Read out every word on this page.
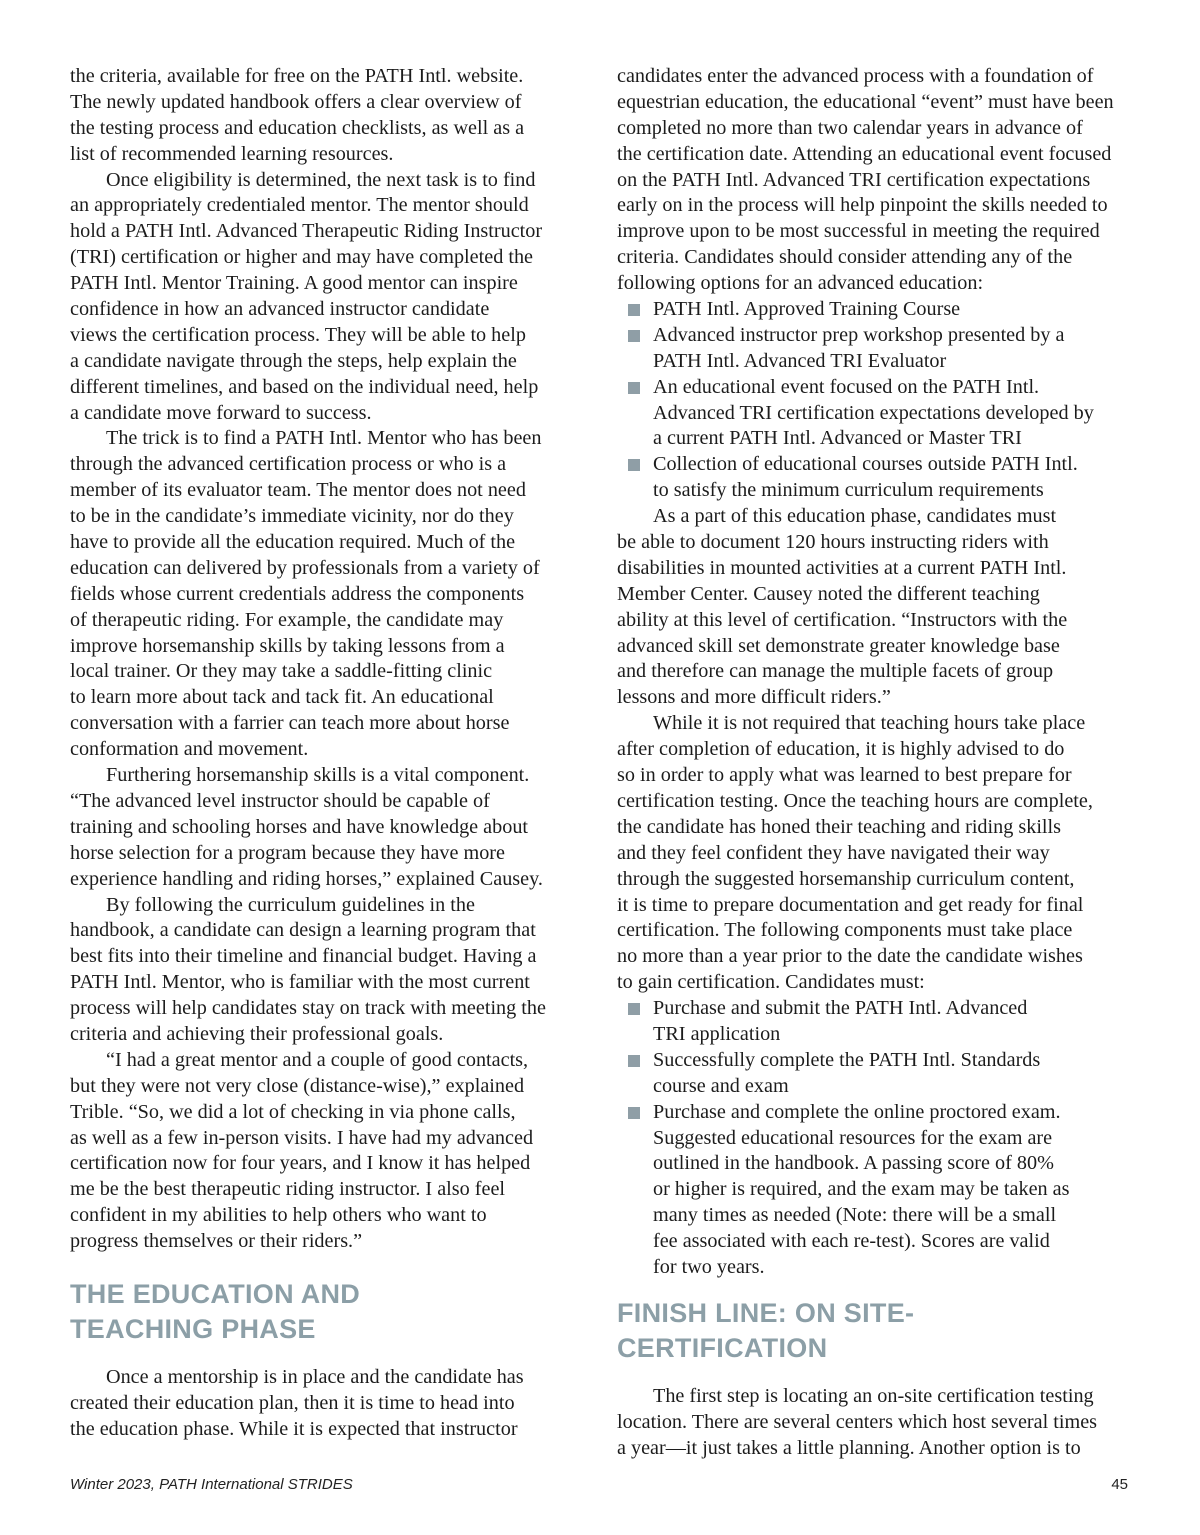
the criteria, available for free on the PATH Intl. website.
The newly updated handbook offers a clear overview of
the testing process and education checklists, as well as a
list of recommended learning resources.
Once eligibility is determined, the next task is to find
an appropriately credentialed mentor. The mentor should
hold a PATH Intl. Advanced Therapeutic Riding Instructor
(TRI) certification or higher and may have completed the
PATH Intl. Mentor Training. A good mentor can inspire
confidence in how an advanced instructor candidate
views the certification process. They will be able to help
a candidate navigate through the steps, help explain the
different timelines, and based on the individual need, help
a candidate move forward to success.
The trick is to find a PATH Intl. Mentor who has been
through the advanced certification process or who is a
member of its evaluator team. The mentor does not need
to be in the candidate’s immediate vicinity, nor do they
have to provide all the education required. Much of the
education can delivered by professionals from a variety of
fields whose current credentials address the components
of therapeutic riding. For example, the candidate may
improve horsemanship skills by taking lessons from a
local trainer. Or they may take a saddle-fitting clinic
to learn more about tack and tack fit. An educational
conversation with a farrier can teach more about horse
conformation and movement.
Furthering horsemanship skills is a vital component.
“The advanced level instructor should be capable of
training and schooling horses and have knowledge about
horse selection for a program because they have more
experience handling and riding horses,” explained Causey.
By following the curriculum guidelines in the
handbook, a candidate can design a learning program that
best fits into their timeline and financial budget. Having a
PATH Intl. Mentor, who is familiar with the most current
process will help candidates stay on track with meeting the
criteria and achieving their professional goals.
“I had a great mentor and a couple of good contacts,
but they were not very close (distance-wise),” explained
Trible. “So, we did a lot of checking in via phone calls,
as well as a few in-person visits. I have had my advanced
certification now for four years, and I know it has helped
me be the best therapeutic riding instructor. I also feel
confident in my abilities to help others who want to
progress themselves or their riders.”
THE EDUCATION AND
TEACHING PHASE
Once a mentorship is in place and the candidate has
created their education plan, then it is time to head into
the education phase. While it is expected that instructor
candidates enter the advanced process with a foundation of
equestrian education, the educational “event” must have been
completed no more than two calendar years in advance of
the certification date. Attending an educational event focused
on the PATH Intl. Advanced TRI certification expectations
early on in the process will help pinpoint the skills needed to
improve upon to be most successful in meeting the required
criteria. Candidates should consider attending any of the
following options for an advanced education:
PATH Intl. Approved Training Course
Advanced instructor prep workshop presented by a
PATH Intl. Advanced TRI Evaluator
An educational event focused on the PATH Intl.
Advanced TRI certification expectations developed by
a current PATH Intl. Advanced or Master TRI
Collection of educational courses outside PATH Intl.
to satisfy the minimum curriculum requirements
As a part of this education phase, candidates must
be able to document 120 hours instructing riders with
disabilities in mounted activities at a current PATH Intl.
Member Center. Causey noted the different teaching
ability at this level of certification. “Instructors with the
advanced skill set demonstrate greater knowledge base
and therefore can manage the multiple facets of group
lessons and more difficult riders.”
While it is not required that teaching hours take place
after completion of education, it is highly advised to do
so in order to apply what was learned to best prepare for
certification testing. Once the teaching hours are complete,
the candidate has honed their teaching and riding skills
and they feel confident they have navigated their way
through the suggested horsemanship curriculum content,
it is time to prepare documentation and get ready for final
certification. The following components must take place
no more than a year prior to the date the candidate wishes
to gain certification. Candidates must:
Purchase and submit the PATH Intl. Advanced
TRI application
Successfully complete the PATH Intl. Standards
course and exam
Purchase and complete the online proctored exam.
Suggested educational resources for the exam are
outlined in the handbook. A passing score of 80%
or higher is required, and the exam may be taken as
many times as needed (Note: there will be a small
fee associated with each re-test). Scores are valid
for two years.
FINISH LINE: ON SITE-
CERTIFICATION
The first step is locating an on-site certification testing
location. There are several centers which host several times
a year—it just takes a little planning. Another option is to
Winter 2023, PATH International STRIDES	45
